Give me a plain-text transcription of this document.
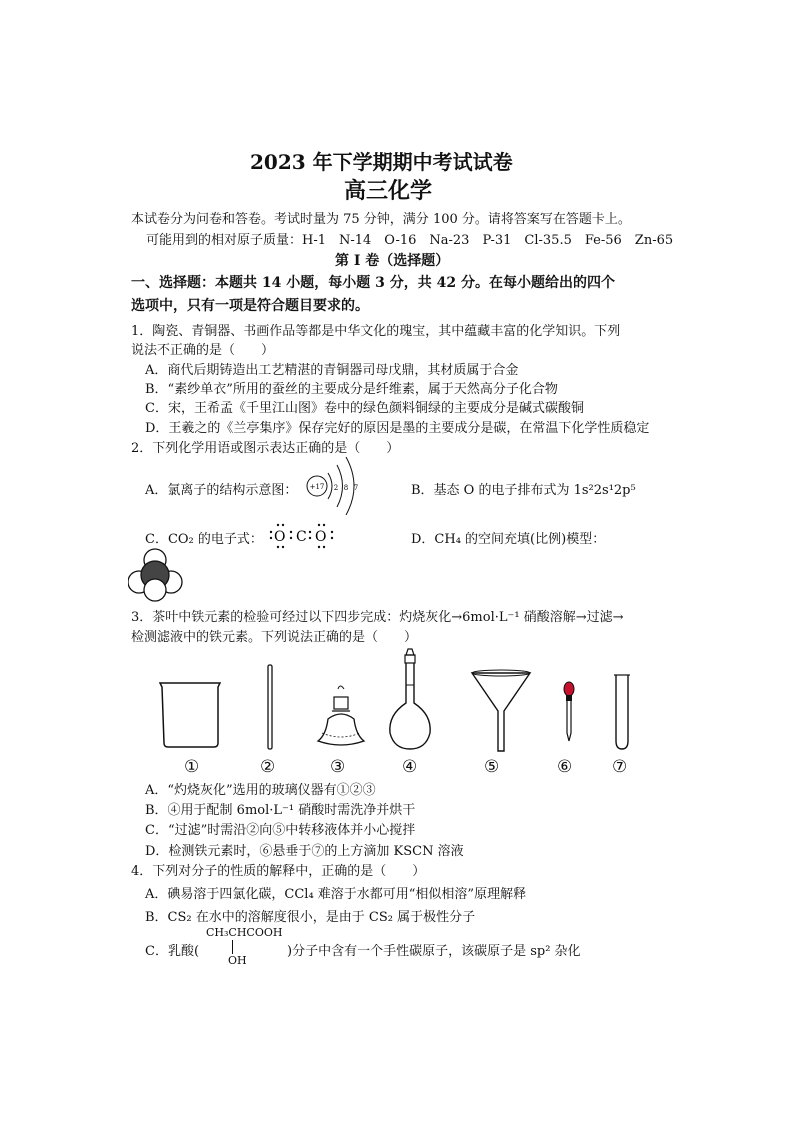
2023 年下学期期中考试试卷
高三化学
本试卷分为问卷和答卷。考试时量为 75 分钟，满分 100 分。请将答案写在答题卡上。
可能用到的相对原子质量：H-1　N-14　O-16　Na-23　P-31　Cl-35.5　Fe-56　Zn-65
第 I 卷（选择题）
一、选择题：本题共 14 小题，每小题 3 分，共 42 分。在每小题给出的四个
选项中，只有一项是符合题目要求的。
1．陶瓷、青铜器、书画作品等都是中华文化的瑰宝，其中蕴藏丰富的化学知识。下列
说法不正确的是（　　）
A．商代后期铸造出工艺精湛的青铜器司母戊鼎，其材质属于合金
B．“素纱单衣”所用的蚕丝的主要成分是纤维素，属于天然高分子化合物
C．宋，王希孟《千里江山图》卷中的绿色颜料铜绿的主要成分是碱式碳酸铜
D．王羲之的《兰亭集序》保存完好的原因是墨的主要成分是碳，在常温下化学性质稳定
2．下列化学用语或图示表达正确的是（　　）
A．氯离子的结构示意图： +17 2 8 7	B．基态 O 的电子排布式为 1s²2s¹2p⁵
C．CO₂ 的电子式： O C O	D．CH₄ 的空间充填(比例)模型：
3．茶叶中铁元素的检验可经过以下四步完成：灼烧灰化→6mol·L⁻¹ 硝酸溶解→过滤→
检测滤液中的铁元素。下列说法正确的是（　　）
①	②	③	④	⑤	⑥ ⑦
A．“灼烧灰化”选用的玻璃仪器有①②③
B．④用于配制 6mol·L⁻¹ 硝酸时需洗净并烘干
C．“过滤”时需沿②向⑤中转移液体并小心搅拌
D．检测铁元素时，⑥悬垂于⑦的上方滴加 KSCN 溶液
4．下列对分子的性质的解释中，正确的是（　　）
A．碘易溶于四氯化碳，CCl₄ 难溶于水都可用“相似相溶”原理解释
B．CS₂ 在水中的溶解度很小，是由于 CS₂ 属于极性分子
C．乳酸(
CH₃CHCOOH
OH
)分子中含有一个手性碳原子，该碳原子是 sp² 杂化
